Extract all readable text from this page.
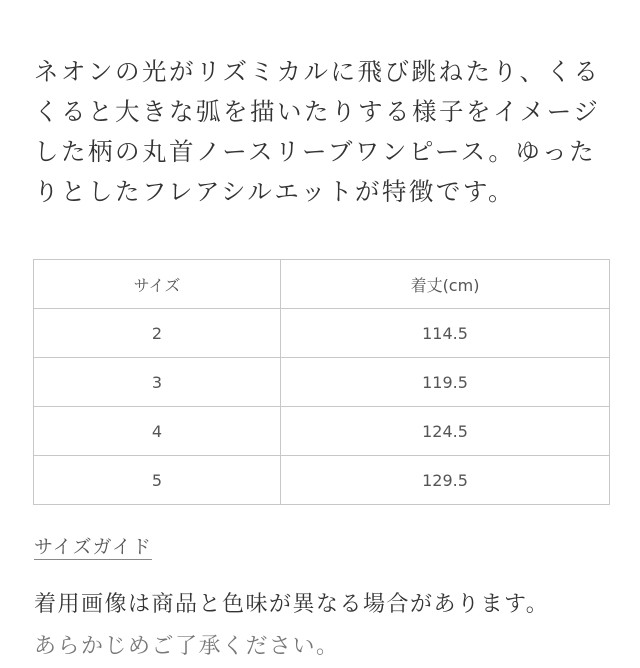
ネオンの光がリズミカルに飛び跳ねたり、くる
くると大きな弧を描いたりする様子をイメージ
した柄の丸首ノースリーブワンピース。ゆった
りとしたフレアシルエットが特徴です。
サイズ	着丈(cm)
2	114.5
3	119.5
4	124.5
5	129.5
サイズガイド
着用画像は商品と色味が異なる場合があります。
あらかじめご了承ください。
